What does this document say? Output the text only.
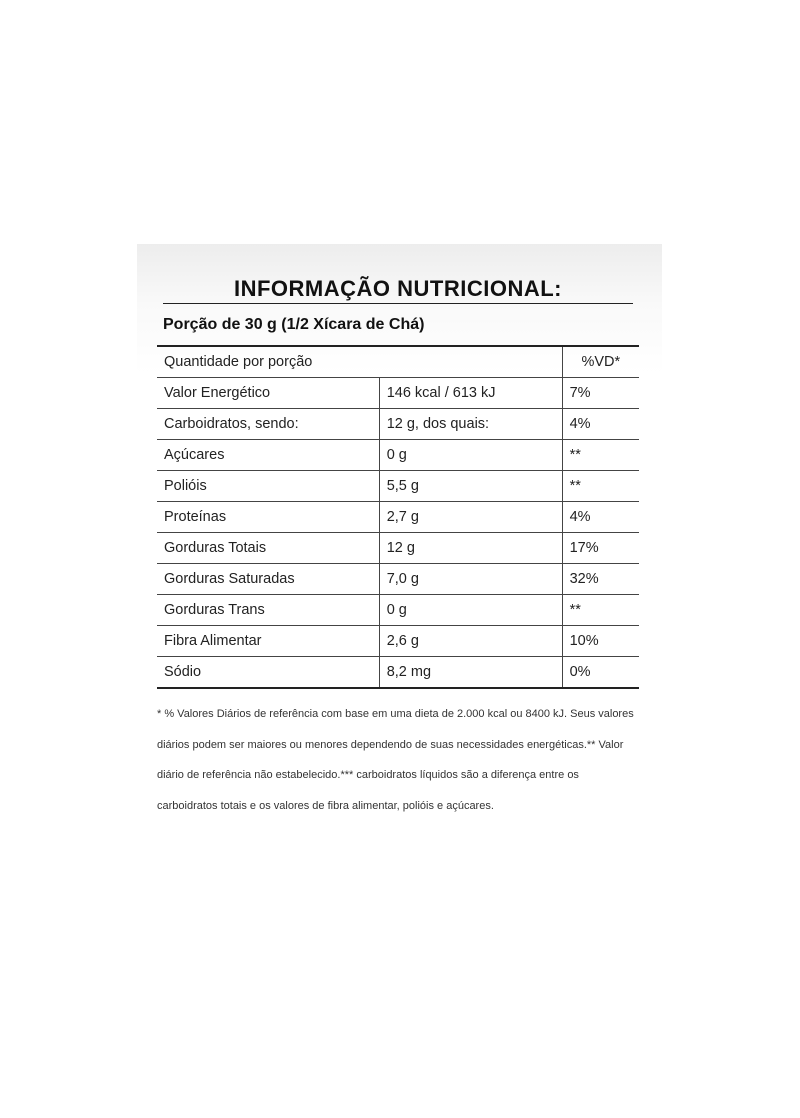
INFORMAÇÃO NUTRICIONAL:
Porção de 30 g (1/2 Xícara de Chá)
Quantidade por porção		%VD*
Valor Energético	146 kcal / 613 kJ	7%
Carboidratos, sendo:	12 g, dos quais:	4%
Açúcares	0 g	**
Polióis	5,5 g	**
Proteínas	2,7 g	4%
Gorduras Totais	12 g	17%
Gorduras Saturadas	7,0 g	32%
Gorduras Trans	0 g	**
Fibra Alimentar	2,6 g	10%
Sódio	8,2 mg	0%
* % Valores Diários de referência com base em uma dieta de 2.000 kcal ou 8400 kJ. Seus valores diários podem ser maiores ou menores dependendo de suas necessidades energéticas.** Valor diário de referência não estabelecido.*** carboidratos líquidos são a diferença entre os carboidratos totais e os valores de fibra alimentar, polióis e açúcares.
